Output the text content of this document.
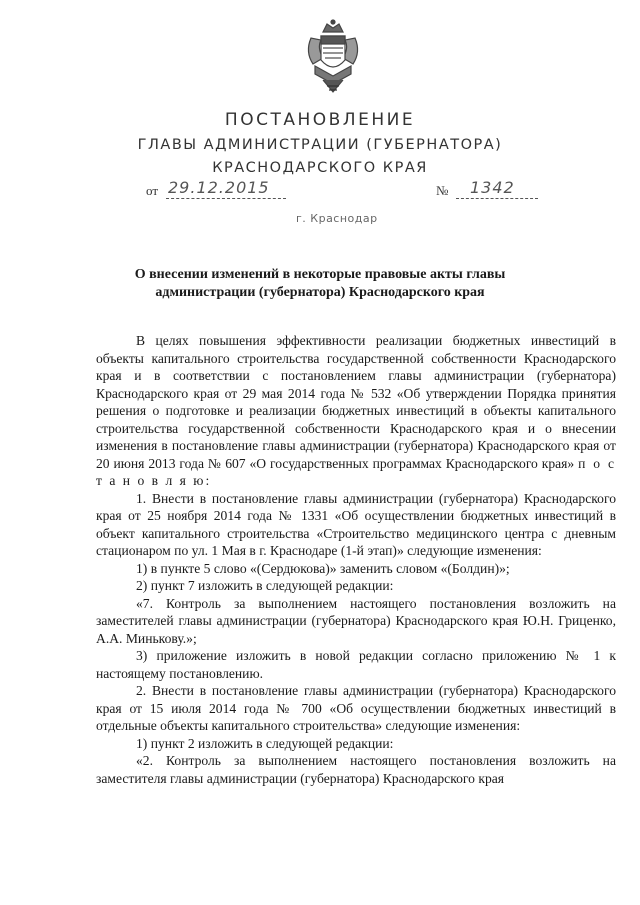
ПОСТАНОВЛЕНИЕ
ГЛАВЫ АДМИНИСТРАЦИИ (ГУБЕРНАТОРА)
КРАСНОДАРСКОГО КРАЯ
от 29.12.2015	№ 1342
г. Краснодар
О внесении изменений в некоторые правовые акты главы
администрации (губернатора) Краснодарского края

В целях повышения эффективности реализации бюджетных инвестиций в объекты капитального строительства государственной собственности Краснодарского края и в соответствии с постановлением главы администрации (губернатора) Краснодарского края от 29 мая 2014 года № 532 «Об утверждении Порядка принятия решения о подготовке и реализации бюджетных инвестиций в объекты капитального строительства государственной собственности Краснодарского края и о внесении изменения в постановление главы администрации (губернатора) Краснодарского края от 20 июня 2013 года № 607 «О государственных программах Краснодарского края» п о с т а н о в л я ю:

1. Внести в постановление главы администрации (губернатора) Краснодарского края от 25 ноября 2014 года № 1331 «Об осуществлении бюджетных инвестиций в объект капитального строительства «Строительство медицинского центра с дневным стационаром по ул. 1 Мая в г. Краснодаре (1-й этап)» следующие изменения:

1) в пункте 5 слово «(Сердюкова)» заменить словом «(Болдин)»;

2) пункт 7 изложить в следующей редакции:

«7. Контроль за выполнением настоящего постановления возложить на заместителей главы администрации (губернатора) Краснодарского края Ю.Н. Гриценко, А.А. Минькову.»;

3) приложение изложить в новой редакции согласно приложению № 1 к настоящему постановлению.

2. Внести в постановление главы администрации (губернатора) Краснодарского края от 15 июля 2014 года № 700 «Об осуществлении бюджетных инвестиций в отдельные объекты капитального строительства» следующие изменения:

1) пункт 2 изложить в следующей редакции:

«2. Контроль за выполнением настоящего постановления возложить на заместителя главы администрации (губернатора) Краснодарского края
